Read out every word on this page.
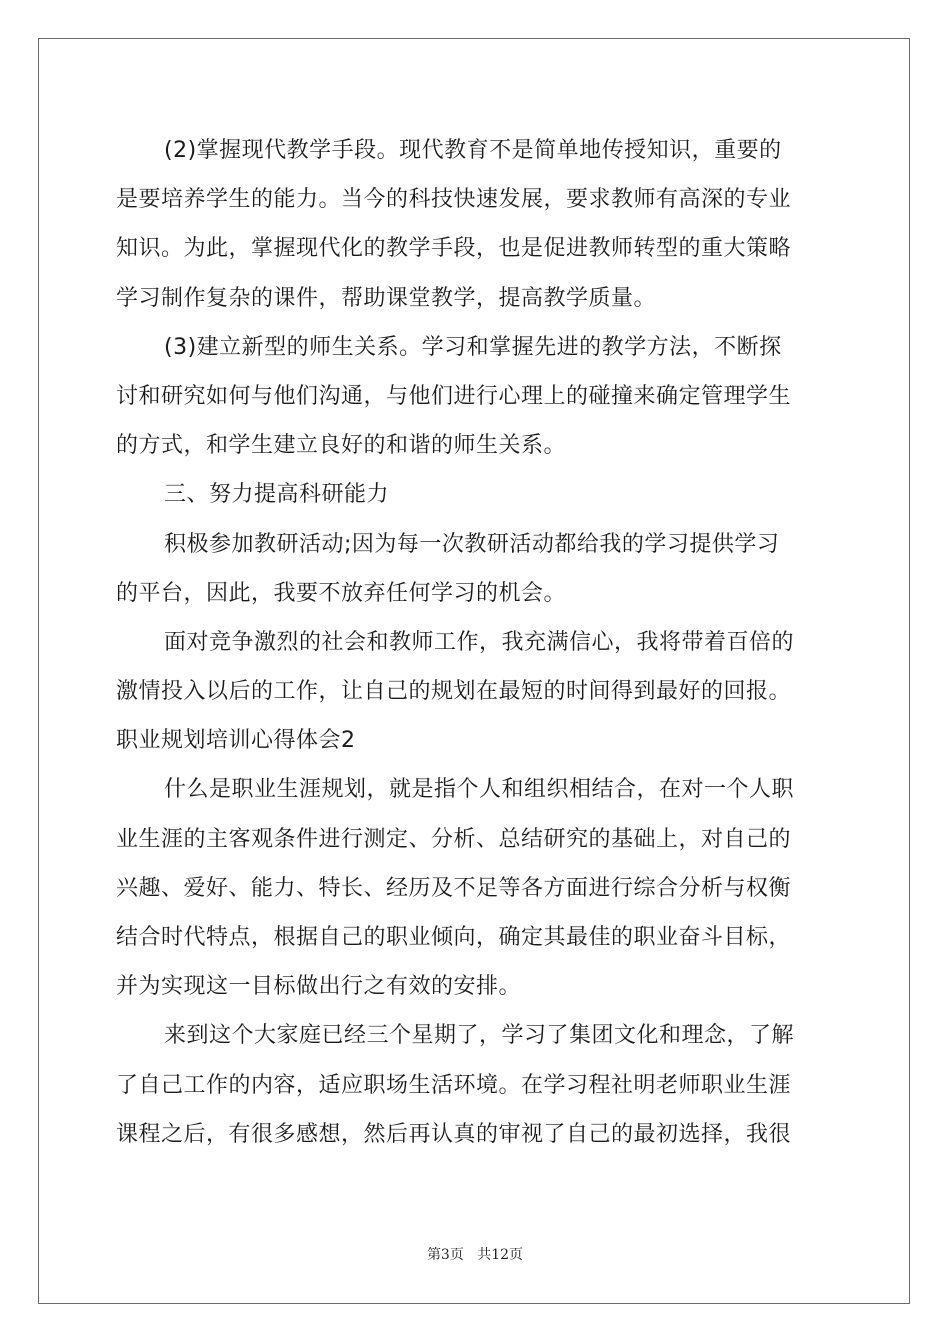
(2)掌握现代教学手段。现代教育不是简单地传授知识，重要的
是要培养学生的能力。当今的科技快速发展，要求教师有高深的专业
知识。为此，掌握现代化的教学手段，也是促进教师转型的重大策略
学习制作复杂的课件，帮助课堂教学，提高教学质量。
(3)建立新型的师生关系。学习和掌握先进的教学方法，不断探
讨和研究如何与他们沟通，与他们进行心理上的碰撞来确定管理学生
的方式，和学生建立良好的和谐的师生关系。
三、努力提高科研能力
积极参加教研活动;因为每一次教研活动都给我的学习提供学习
的平台，因此，我要不放弃任何学习的机会。
面对竞争激烈的社会和教师工作，我充满信心，我将带着百倍的
激情投入以后的工作，让自己的规划在最短的时间得到最好的回报。
职业规划培训心得体会2
什么是职业生涯规划，就是指个人和组织相结合，在对一个人职
业生涯的主客观条件进行测定、分析、总结研究的基础上，对自己的
兴趣、爱好、能力、特长、经历及不足等各方面进行综合分析与权衡
结合时代特点，根据自己的职业倾向，确定其最佳的职业奋斗目标，
并为实现这一目标做出行之有效的安排。
来到这个大家庭已经三个星期了，学习了集团文化和理念，了解
了自己工作的内容，适应职场生活环境。在学习程社明老师职业生涯
课程之后，有很多感想，然后再认真的审视了自己的最初选择，我很
第3页 共12页
